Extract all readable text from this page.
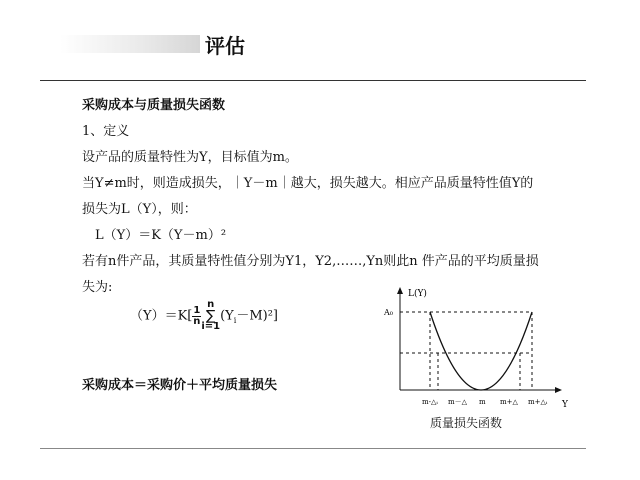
评估
采购成本与质量损失函数
1、定义
设产品的质量特性为Y，目标值为m。
当Y≠m时，则造成损失，｜Y－m｜越大，损失越大。相应产品质量特性值Y的
损失为L（Y），则：
L（Y）＝K（Y－m）²
若有n件产品，其质量特性值分别为Y1，Y2,……,Yn则此n 件产品的平均质量损
失为:
$(Y)=K[ \frac{1}{n}$
n
∑
i=1
$(Y_i-M)^2$]
采购成本＝采购价＋平均质量损失
L(Y)
A₀
m-△ᵢ m－△ m m+△ m+△ᵢ Y
质量损失函数
